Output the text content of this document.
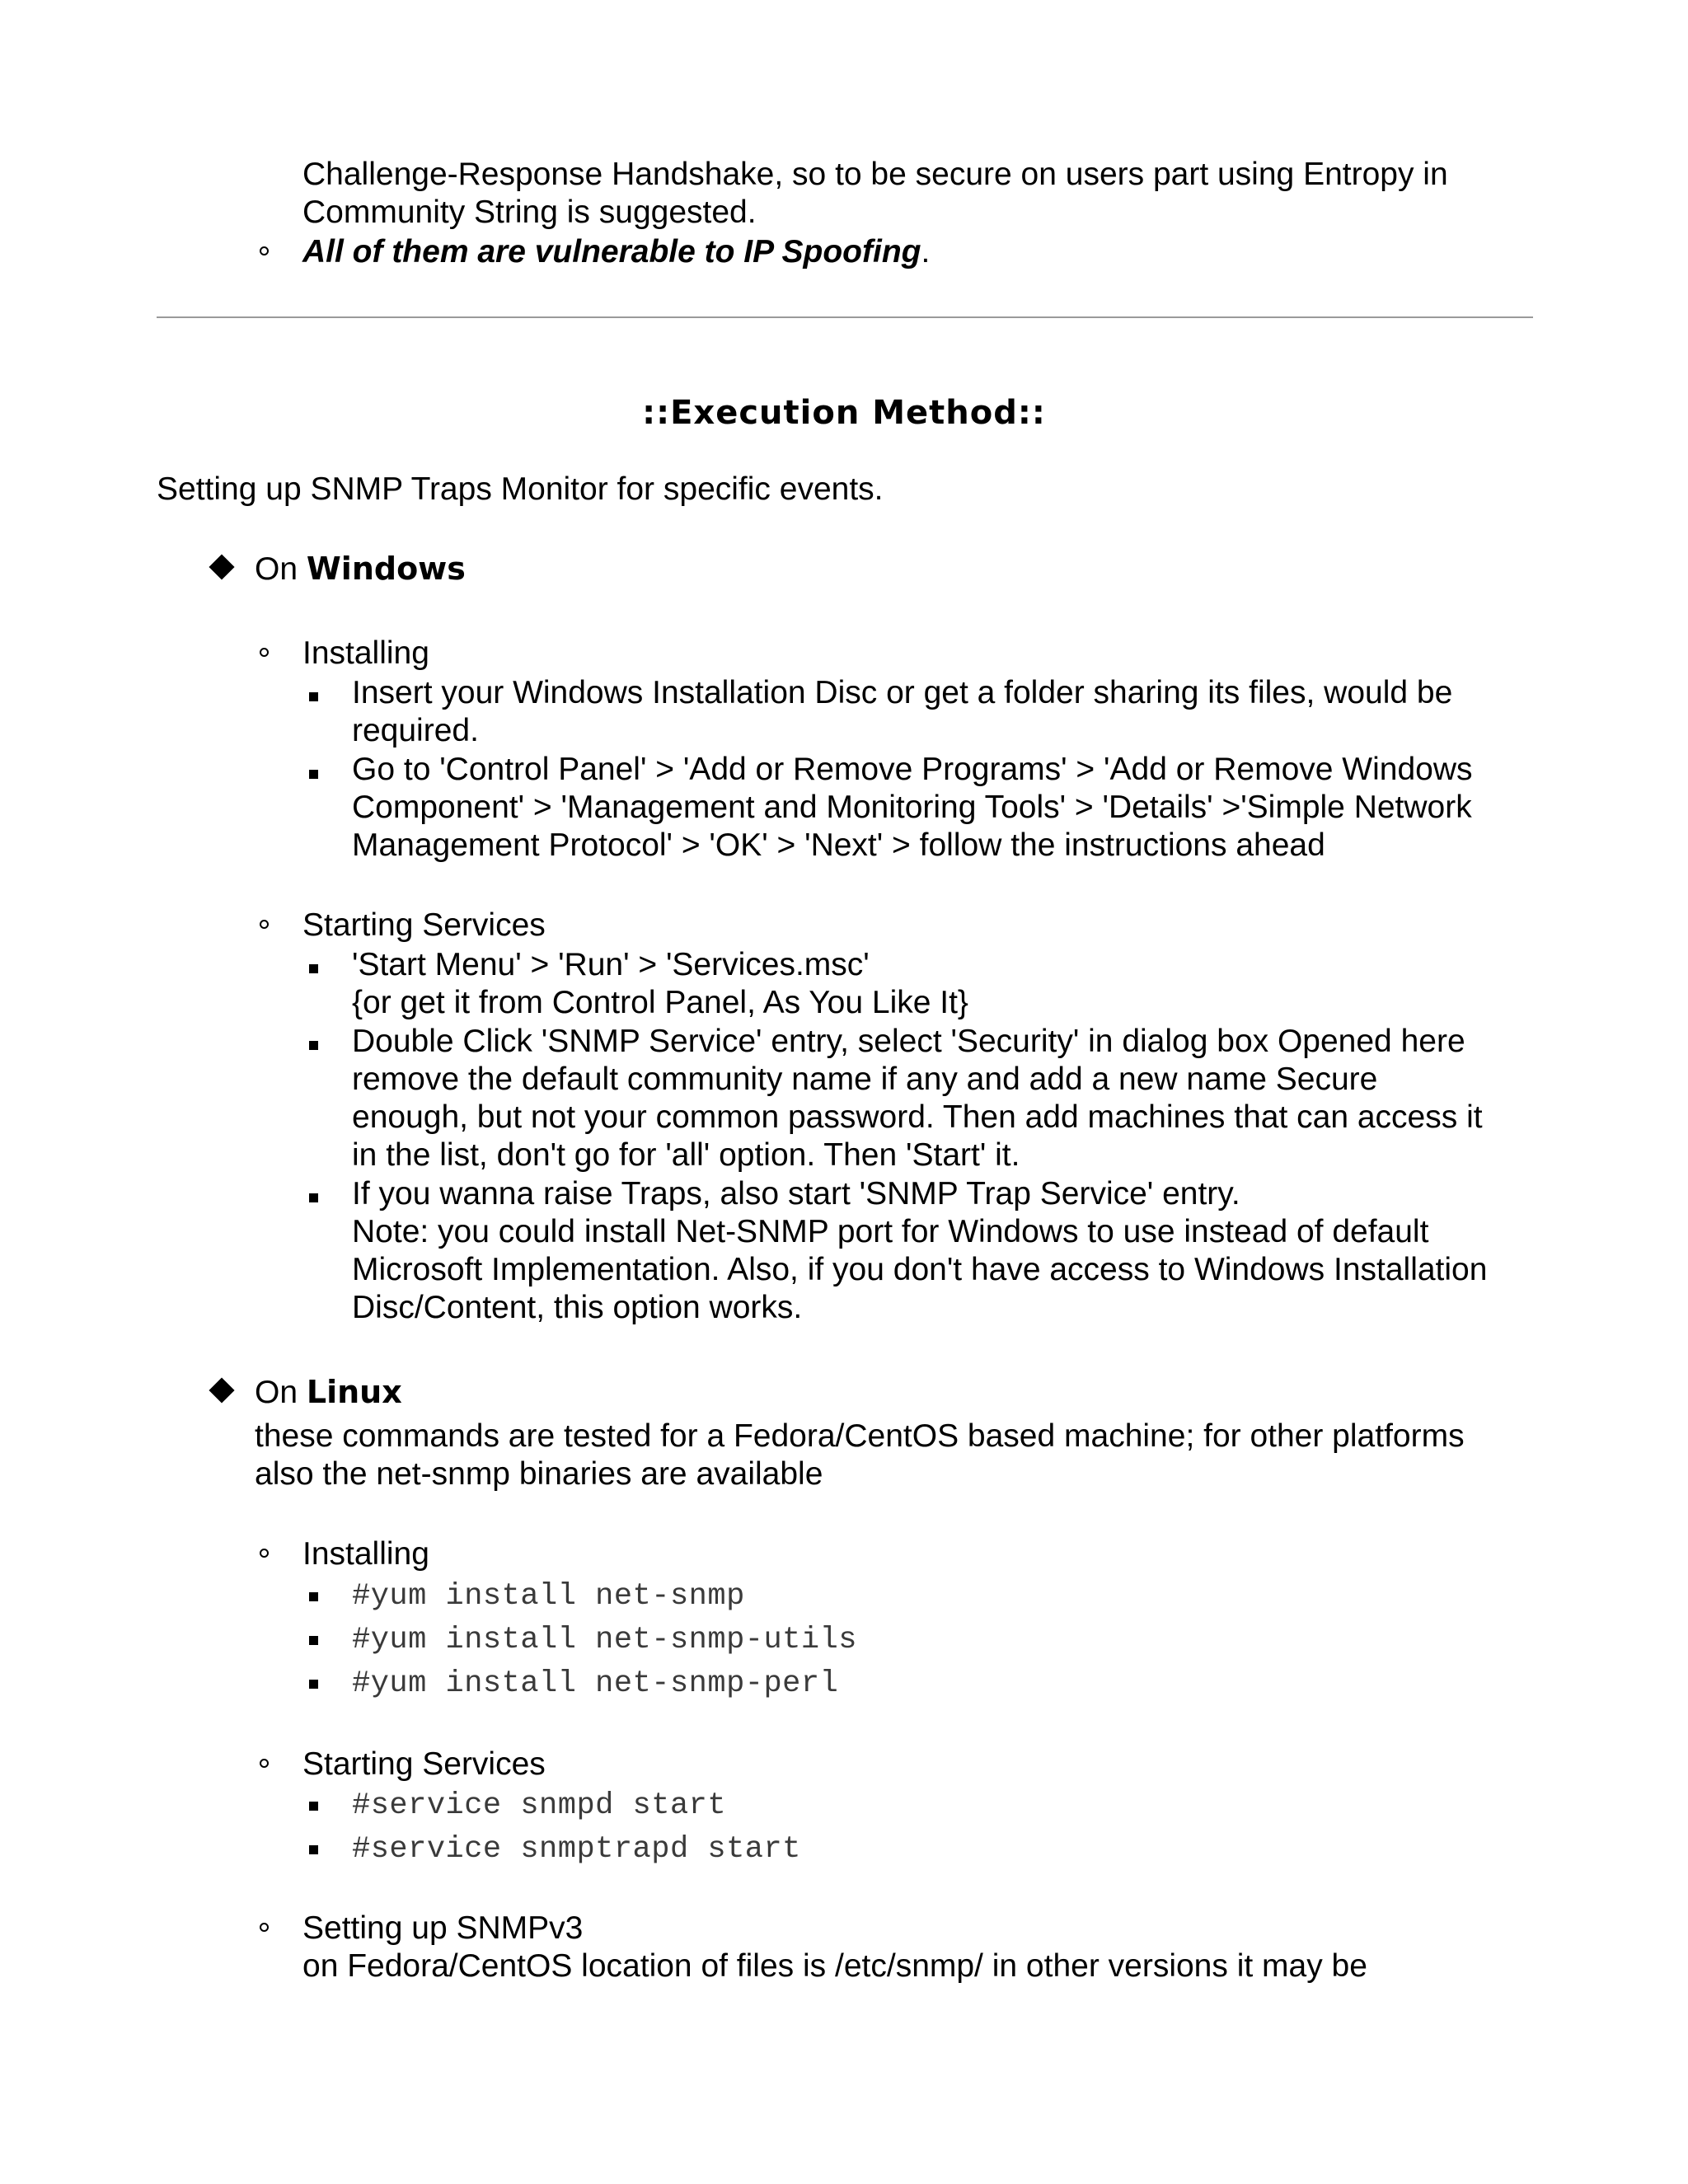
Challenge-Response Handshake, so to be secure on users part using Entropy in
Community String is suggested.
All of them are vulnerable to IP Spoofing.
::Execution Method::
Setting up SNMP Traps Monitor for specific events.
On Windows
Installing
Insert your Windows Installation Disc or get a folder sharing its files, would be
required.
Go to 'Control Panel' > 'Add or Remove Programs' > 'Add or Remove Windows
Component' > 'Management and Monitoring Tools' > 'Details' >'Simple Network
Management Protocol' > 'OK' > 'Next' > follow the instructions ahead
Starting Services
'Start Menu' > 'Run' > 'Services.msc'
{or get it from Control Panel, As You Like It}
Double Click 'SNMP Service' entry, select 'Security' in dialog box Opened here
remove the default community name if any and add a new name Secure
enough, but not your common password. Then add machines that can access it
in the list, don't go for 'all' option. Then 'Start' it.
If you wanna raise Traps, also start 'SNMP Trap Service' entry.
Note: you could install Net-SNMP port for Windows to use instead of default
Microsoft Implementation. Also, if you don't have access to Windows Installation
Disc/Content, this option works.
On Linux
these commands are tested for a Fedora/CentOS based machine; for other platforms
also the net-snmp binaries are available
Installing
#yum install net-snmp
#yum install net-snmp-utils
#yum install net-snmp-perl
Starting Services
#service snmpd start
#service snmptrapd start
Setting up SNMPv3
on Fedora/CentOS location of files is /etc/snmp/ in other versions it may be
